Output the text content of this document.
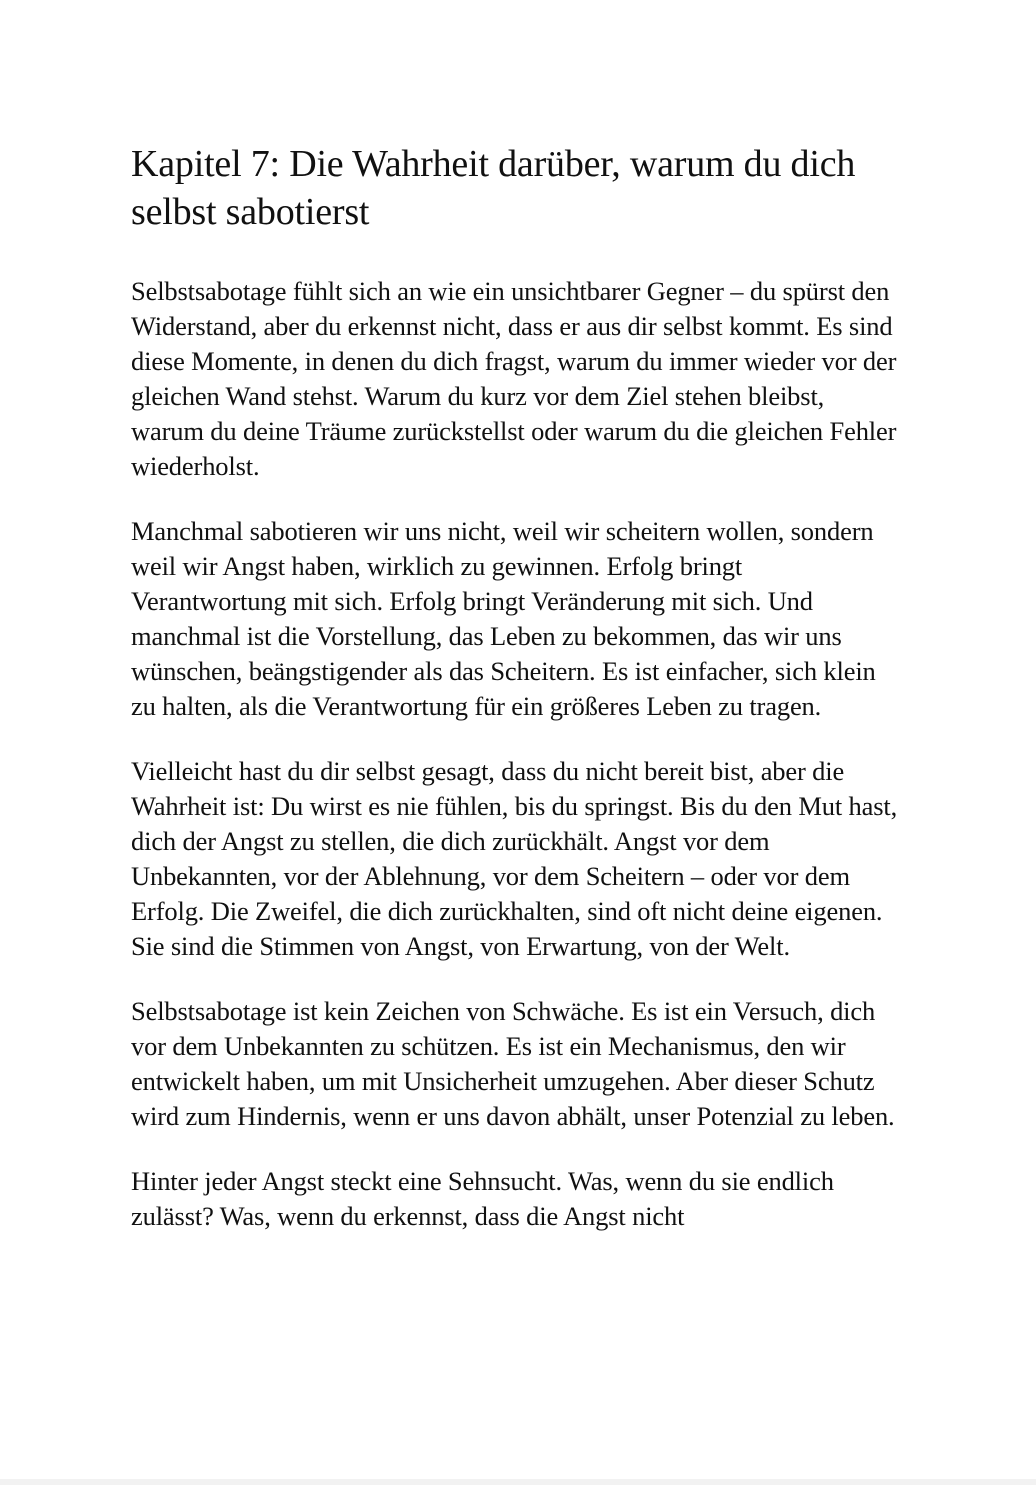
Kapitel 7: Die Wahrheit darüber, warum du dich selbst sabotierst

Selbstsabotage fühlt sich an wie ein unsichtbarer Gegner – du spürst den Widerstand, aber du erkennst nicht, dass er aus dir selbst kommt. Es sind diese Momente, in denen du dich fragst, warum du immer wieder vor der gleichen Wand stehst. Warum du kurz vor dem Ziel stehen bleibst, warum du deine Träume zurückstellst oder warum du die gleichen Fehler wiederholst.

Manchmal sabotieren wir uns nicht, weil wir scheitern wollen, sondern weil wir Angst haben, wirklich zu gewinnen. Erfolg bringt Verantwortung mit sich. Erfolg bringt Veränderung mit sich. Und manchmal ist die Vorstellung, das Leben zu bekommen, das wir uns wünschen, beängstigender als das Scheitern. Es ist einfacher, sich klein zu halten, als die Verantwortung für ein größeres Leben zu tragen.

Vielleicht hast du dir selbst gesagt, dass du nicht bereit bist, aber die Wahrheit ist: Du wirst es nie fühlen, bis du springst. Bis du den Mut hast, dich der Angst zu stellen, die dich zurückhält. Angst vor dem Unbekannten, vor der Ablehnung, vor dem Scheitern – oder vor dem Erfolg. Die Zweifel, die dich zurückhalten, sind oft nicht deine eigenen. Sie sind die Stimmen von Angst, von Erwartung, von der Welt.

Selbstsabotage ist kein Zeichen von Schwäche. Es ist ein Versuch, dich vor dem Unbekannten zu schützen. Es ist ein Mechanismus, den wir entwickelt haben, um mit Unsicherheit umzugehen. Aber dieser Schutz wird zum Hindernis, wenn er uns davon abhält, unser Potenzial zu leben.

Hinter jeder Angst steckt eine Sehnsucht. Was, wenn du sie endlich zulässt? Was, wenn du erkennst, dass die Angst nicht
